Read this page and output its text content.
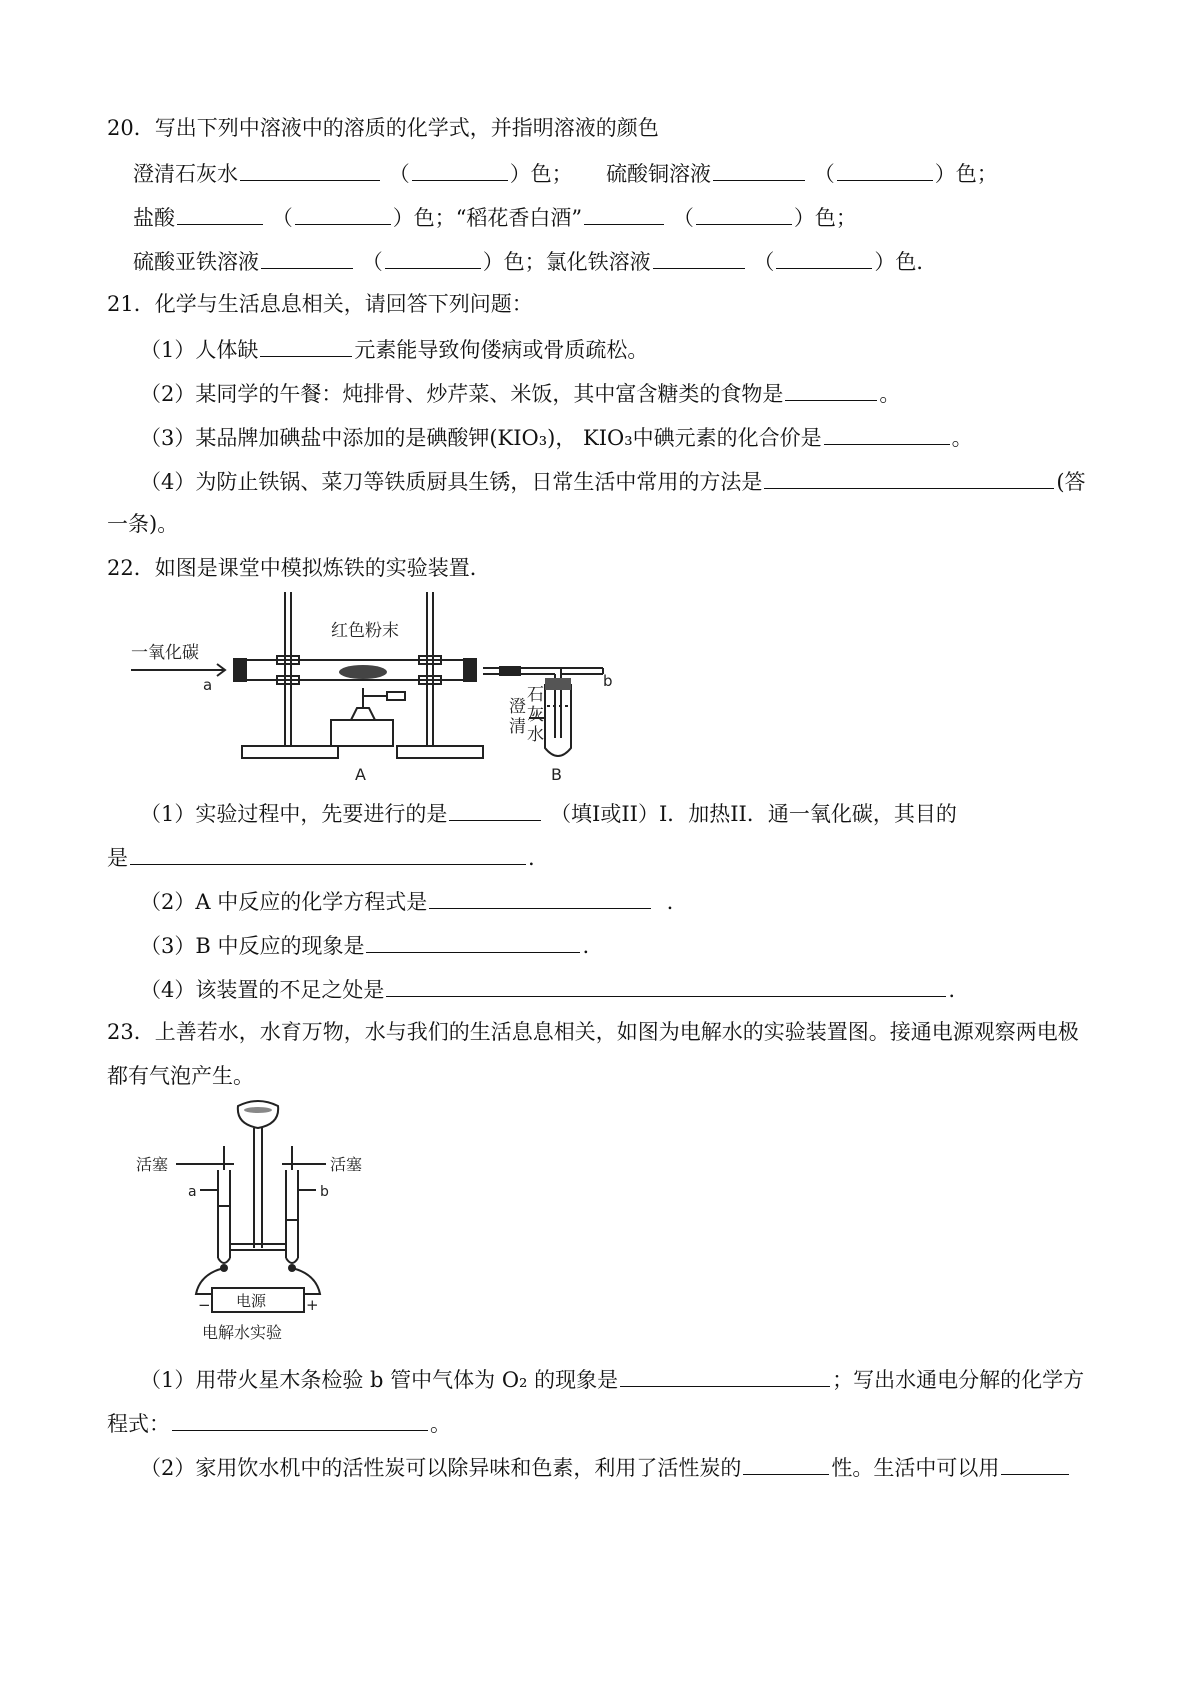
20．写出下列中溶液中的溶质的化学式，并指明溶液的颜色
澄清石灰水	（	）色； 硫酸铜溶液	（	）色；
盐酸	（	）色；“稻花香白酒”	（	）色；
硫酸亚铁溶液	（	）色；氯化铁溶液	（	）色．
21．化学与生活息息相关，请回答下列问题：
（1）人体缺	元素能导致佝偻病或骨质疏松。
（2）某同学的午餐：炖排骨、炒芹菜、米饭，其中富含糖类的食物是	。
（3）某品牌加碘盐中添加的是碘酸钾(KIO₃)， KIO₃中碘元素的化合价是	。
（4）为防止铁锅、菜刀等铁质厨具生锈，日常生活中常用的方法是	(答
一条)。
22．如图是课堂中模拟炼铁的实验装置．
一氧化碳
a
红色粉末
b
澄
清
石
灰
水
A	B
（1）实验过程中，先要进行的是	（填I或II）I．加热II．通一氧化碳，其目的
是	.
（2）A 中反应的化学方程式是	.
（3）B 中反应的现象是	.
（4）该装置的不足之处是	.
23．上善若水，水育万物，水与我们的生活息息相关，如图为电解水的实验装置图。接通电源观察两电极
都有气泡产生。
活塞	活塞
a	b
电源
−	+
电解水实验
（1）用带火星木条检验 b 管中气体为 O₂ 的现象是	；写出水通电分解的化学方
程式：	。
（2）家用饮水机中的活性炭可以除异味和色素，利用了活性炭的	性。生活中可以用
